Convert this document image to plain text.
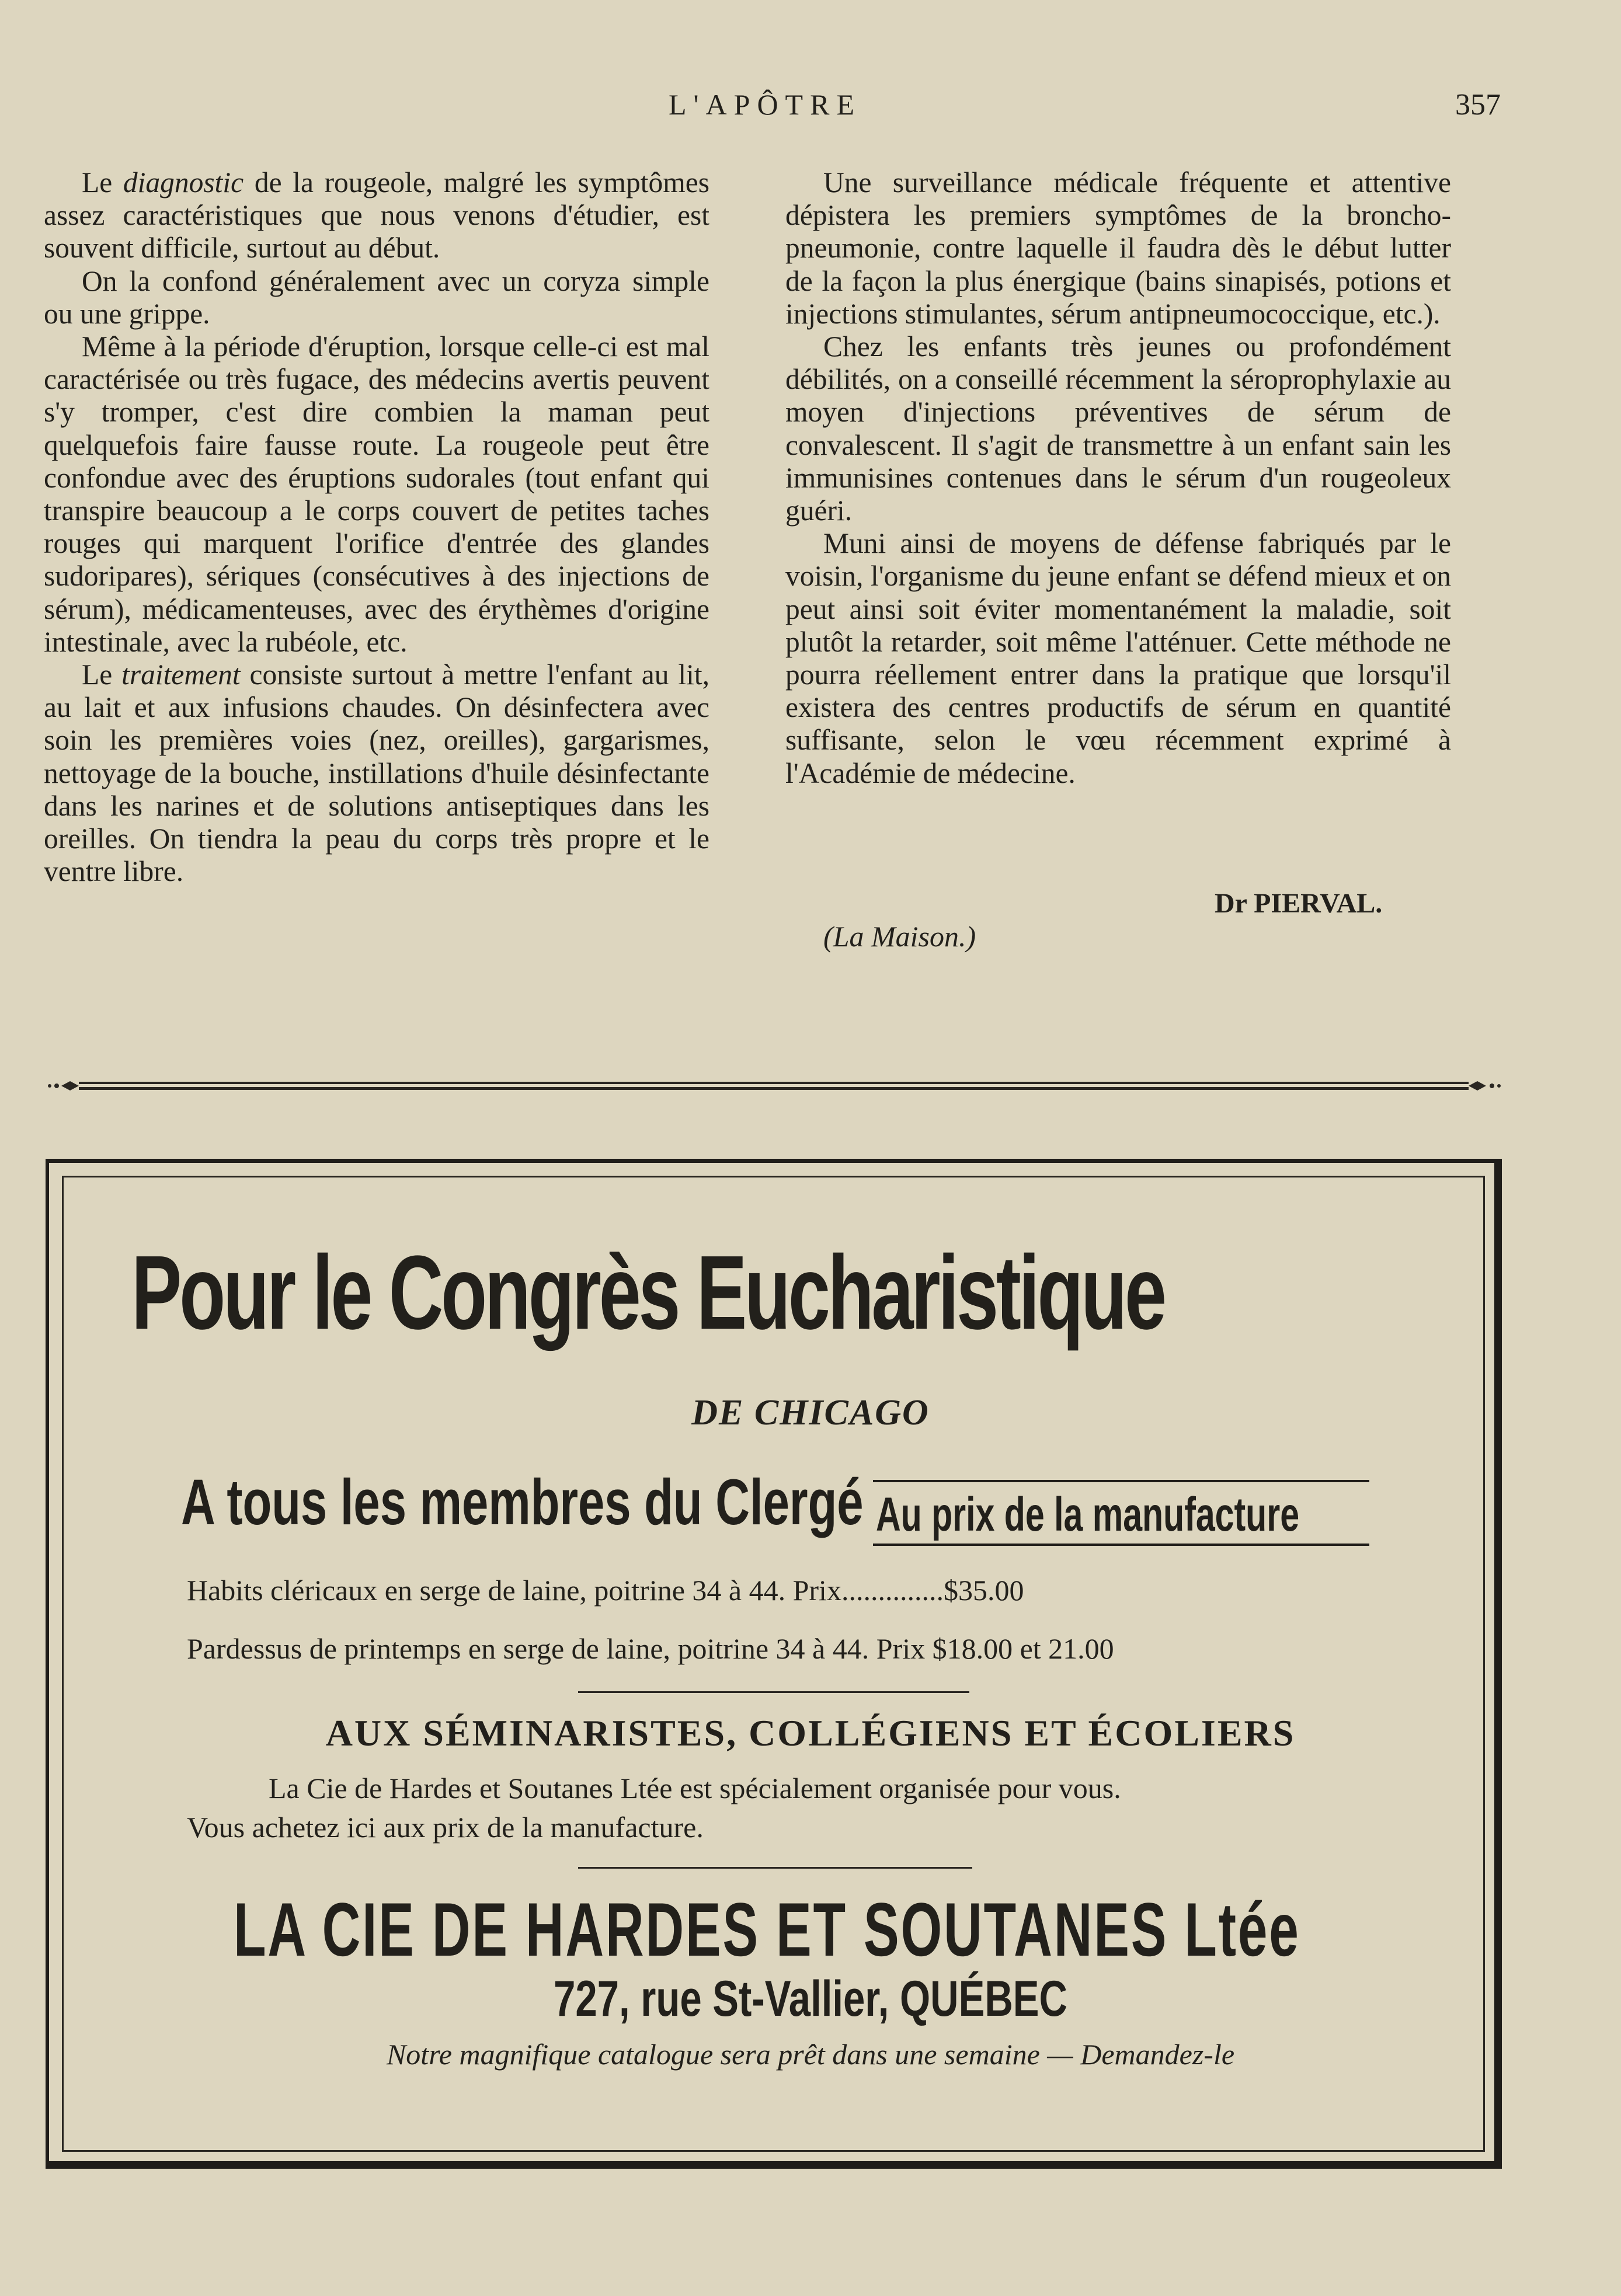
L'APÔTRE	357

Le diagnostic de la rougeole, malgré les symptômes assez caractéristiques que nous venons d'étudier, est souvent difficile, surtout au début.

On la confond généralement avec un coryza simple ou une grippe.

Même à la période d'éruption, lorsque celle-ci est mal caractérisée ou très fugace, des médecins avertis peuvent s'y tromper, c'est dire combien la maman peut quelquefois faire fausse route. La rougeole peut être confondue avec des éruptions sudorales (tout enfant qui transpire beaucoup a le corps couvert de petites taches rouges qui marquent l'orifice d'entrée des glandes sudoripares), sériques (consécutives à des injections de sérum), médicamenteuses, avec des érythèmes d'origine intestinale, avec la rubéole, etc.

Le traitement consiste surtout à mettre l'enfant au lit, au lait et aux infusions chaudes. On désinfectera avec soin les premières voies (nez, oreilles), gargarismes, nettoyage de la bouche, instillations d'huile désinfectante dans les narines et de solutions antiseptiques dans les oreilles. On tiendra la peau du corps très propre et le ventre libre.

Une surveillance médicale fréquente et attentive dépistera les premiers symptômes de la broncho-pneumonie, contre laquelle il faudra dès le début lutter de la façon la plus énergique (bains sinapisés, potions et injections stimulantes, sérum antipneumococcique, etc.).

Chez les enfants très jeunes ou profondément débilités, on a conseillé récemment la séroprophylaxie au moyen d'injections préventives de sérum de convalescent. Il s'agit de transmettre à un enfant sain les immunisines contenues dans le sérum d'un rougeoleux guéri.

Muni ainsi de moyens de défense fabriqués par le voisin, l'organisme du jeune enfant se défend mieux et on peut ainsi soit éviter momentanément la maladie, soit plutôt la retarder, soit même l'atténuer. Cette méthode ne pourra réellement entrer dans la pratique que lorsqu'il existera des centres productifs de sérum en quantité suffisante, selon le vœu récemment exprimé à l'Académie de médecine.

Dr PIERVAL.
(La Maison.)
Pour le Congrès Eucharistique
DE CHICAGO
A tous les membres du Clergé Au prix de la manufacture
Habits cléricaux en serge de laine, poitrine 34 à 44. Prix..............$35.00
Pardessus de printemps en serge de laine, poitrine 34 à 44. Prix $18.00 et 21.00
AUX SÉMINARISTES, COLLÉGIENS ET ÉCOLIERS
La Cie de Hardes et Soutanes Ltée est spécialement organisée pour vous.
Vous achetez ici aux prix de la manufacture.
LA CIE DE HARDES ET SOUTANES Ltée
727, rue St-Vallier, QUÉBEC
Notre magnifique catalogue sera prêt dans une semaine — Demandez-le
